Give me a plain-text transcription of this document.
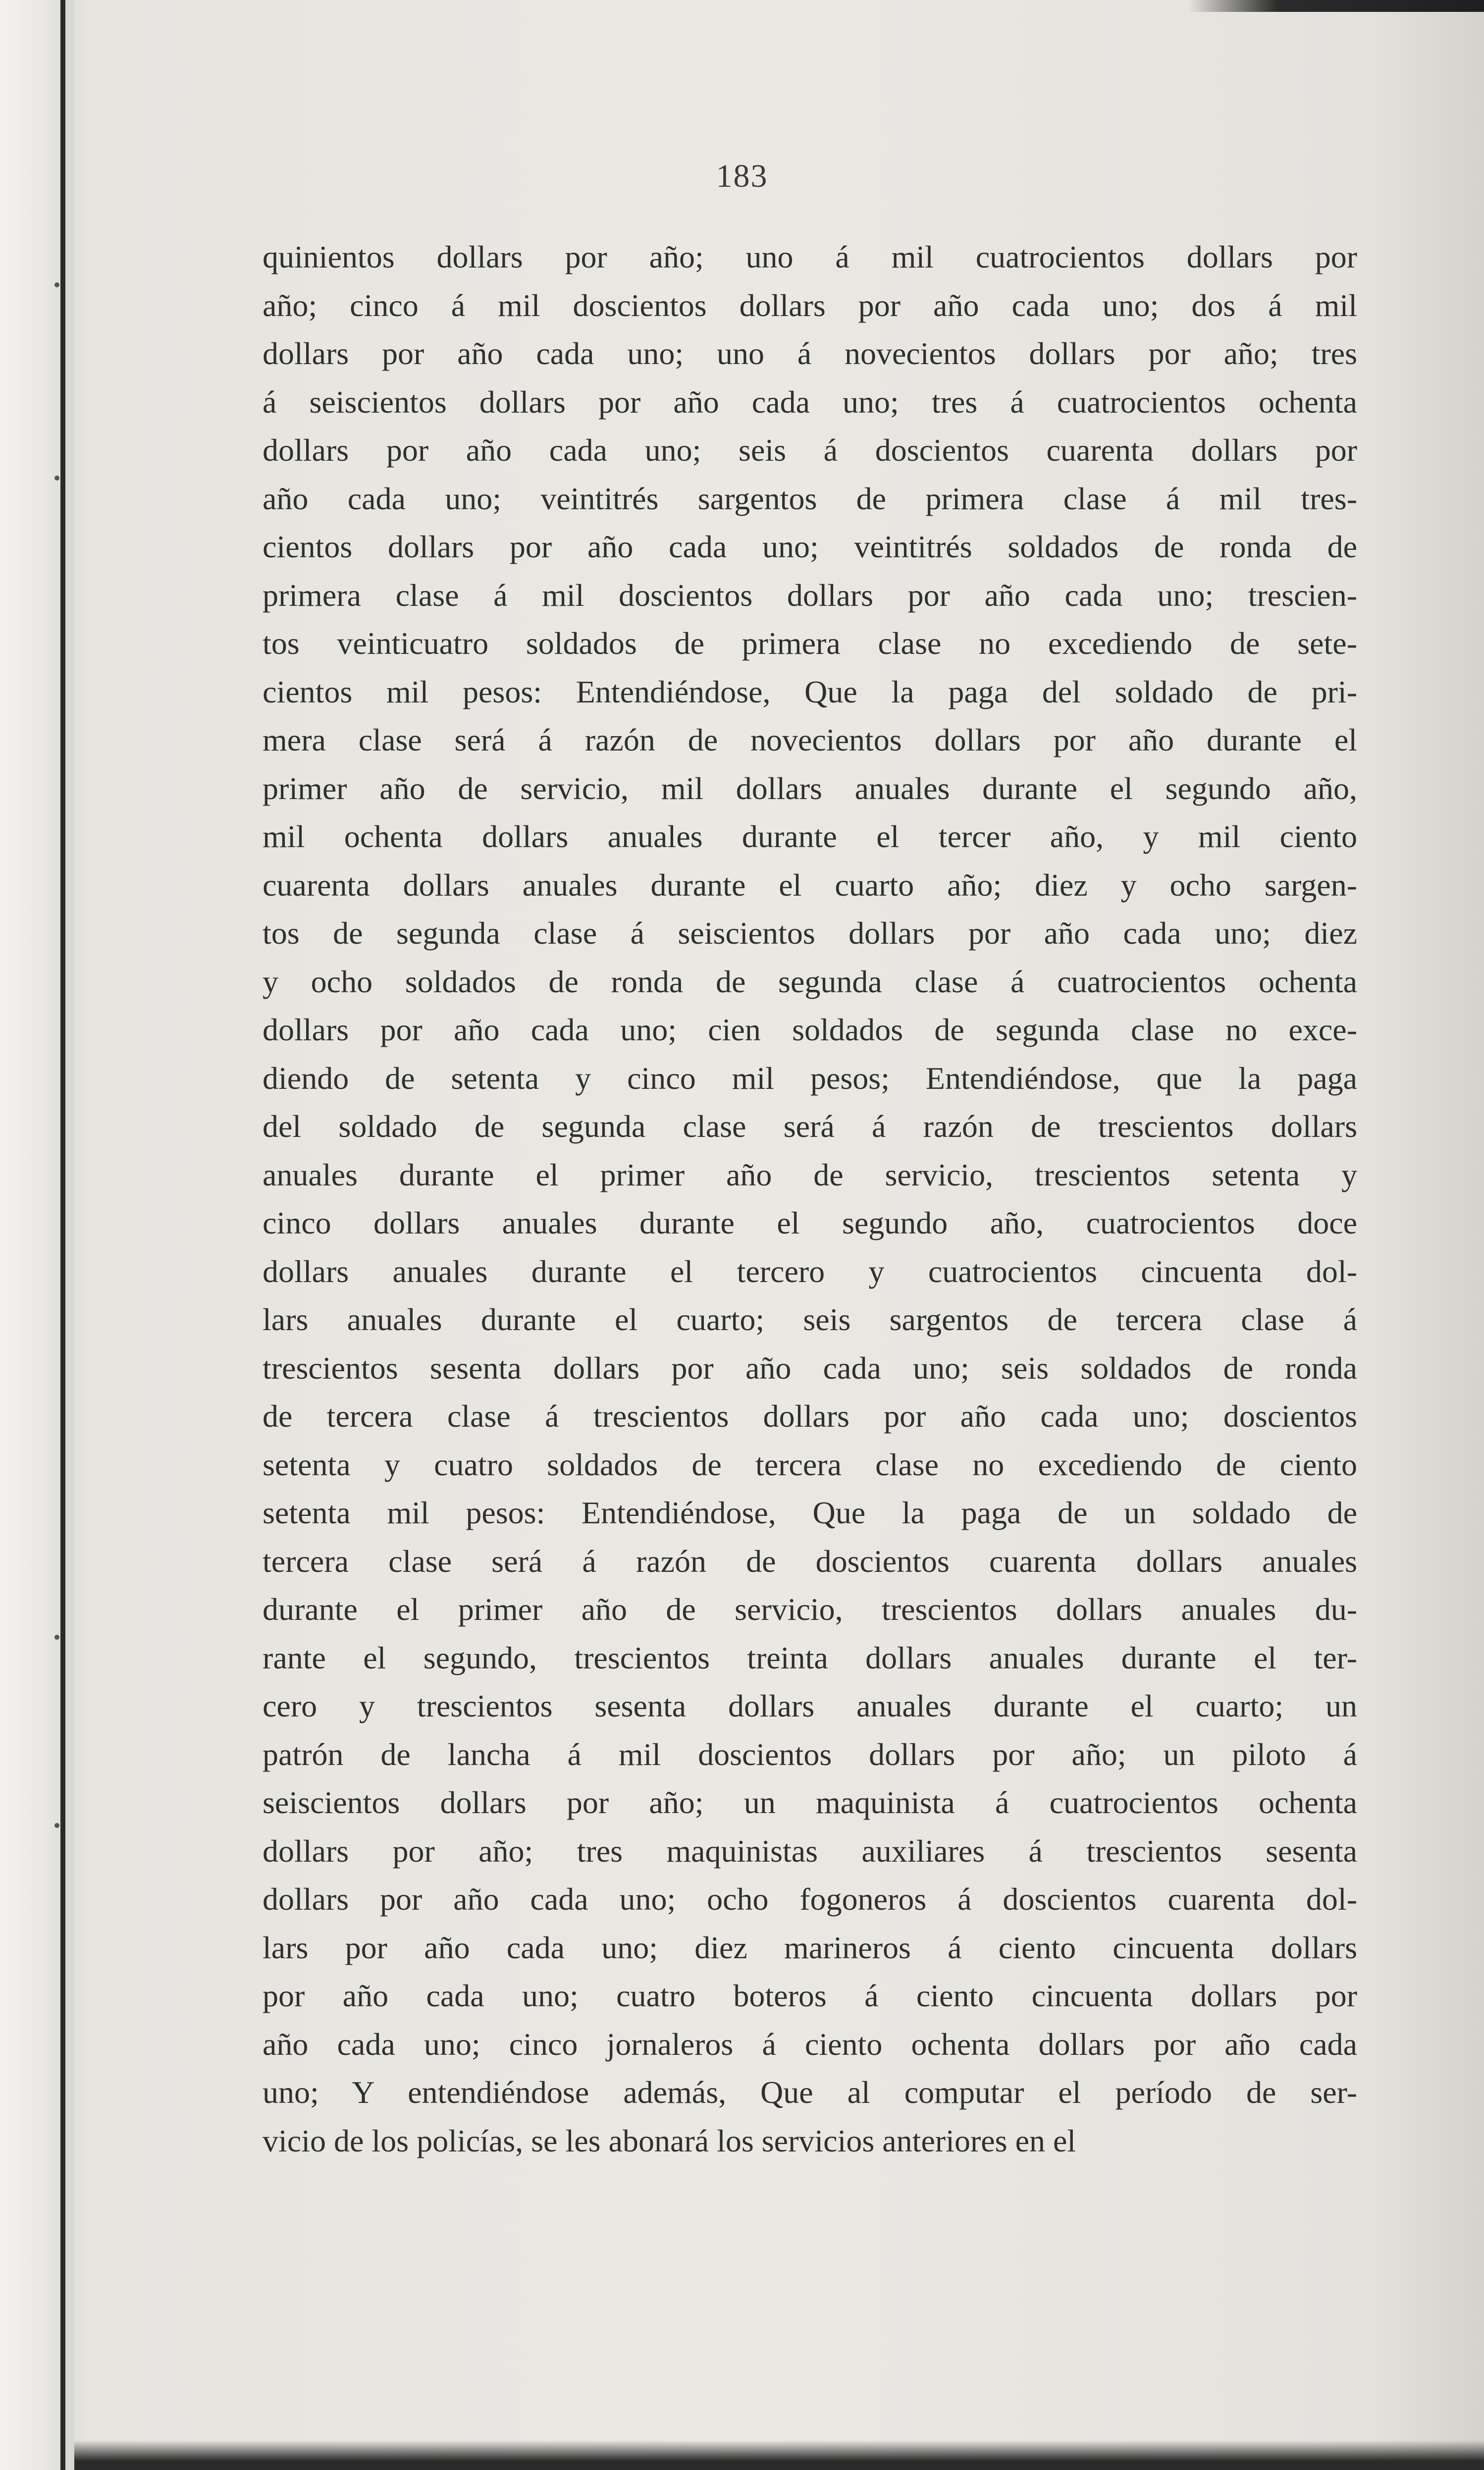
183
quinientos dollars por año; uno á mil cuatrocientos dollars por
año; cinco á mil doscientos dollars por año cada uno; dos á mil
dollars por año cada uno; uno á novecientos dollars por año; tres
á seiscientos dollars por año cada uno; tres á cuatrocientos ochenta
dollars por año cada uno; seis á doscientos cuarenta dollars por
año cada uno; veintitrés sargentos de primera clase á mil tres-
cientos dollars por año cada uno; veintitrés soldados de ronda de
primera clase á mil doscientos dollars por año cada uno; trescien-
tos veinticuatro soldados de primera clase no excediendo de sete-
cientos mil pesos: Entendiéndose, Que la paga del soldado de pri-
mera clase será á razón de novecientos dollars por año durante el
primer año de servicio, mil dollars anuales durante el segundo año,
mil ochenta dollars anuales durante el tercer año, y mil ciento
cuarenta dollars anuales durante el cuarto año; diez y ocho sargen-
tos de segunda clase á seiscientos dollars por año cada uno; diez
y ocho soldados de ronda de segunda clase á cuatrocientos ochenta
dollars por año cada uno; cien soldados de segunda clase no exce-
diendo de setenta y cinco mil pesos; Entendiéndose, que la paga
del soldado de segunda clase será á razón de trescientos dollars
anuales durante el primer año de servicio, trescientos setenta y
cinco dollars anuales durante el segundo año, cuatrocientos doce
dollars anuales durante el tercero y cuatrocientos cincuenta dol-
lars anuales durante el cuarto; seis sargentos de tercera clase á
trescientos sesenta dollars por año cada uno; seis soldados de ronda
de tercera clase á trescientos dollars por año cada uno; doscientos
setenta y cuatro soldados de tercera clase no excediendo de ciento
setenta mil pesos: Entendiéndose, Que la paga de un soldado de
tercera clase será á razón de doscientos cuarenta dollars anuales
durante el primer año de servicio, trescientos dollars anuales du-
rante el segundo, trescientos treinta dollars anuales durante el ter-
cero y trescientos sesenta dollars anuales durante el cuarto; un
patrón de lancha á mil doscientos dollars por año; un piloto á
seiscientos dollars por año; un maquinista á cuatrocientos ochenta
dollars por año; tres maquinistas auxiliares á trescientos sesenta
dollars por año cada uno; ocho fogoneros á doscientos cuarenta dol-
lars por año cada uno; diez marineros á ciento cincuenta dollars
por año cada uno; cuatro boteros á ciento cincuenta dollars por
año cada uno; cinco jornaleros á ciento ochenta dollars por año cada
uno; Y entendiéndose además, Que al computar el período de ser-
vicio de los policías, se les abonará los servicios anteriores en el
